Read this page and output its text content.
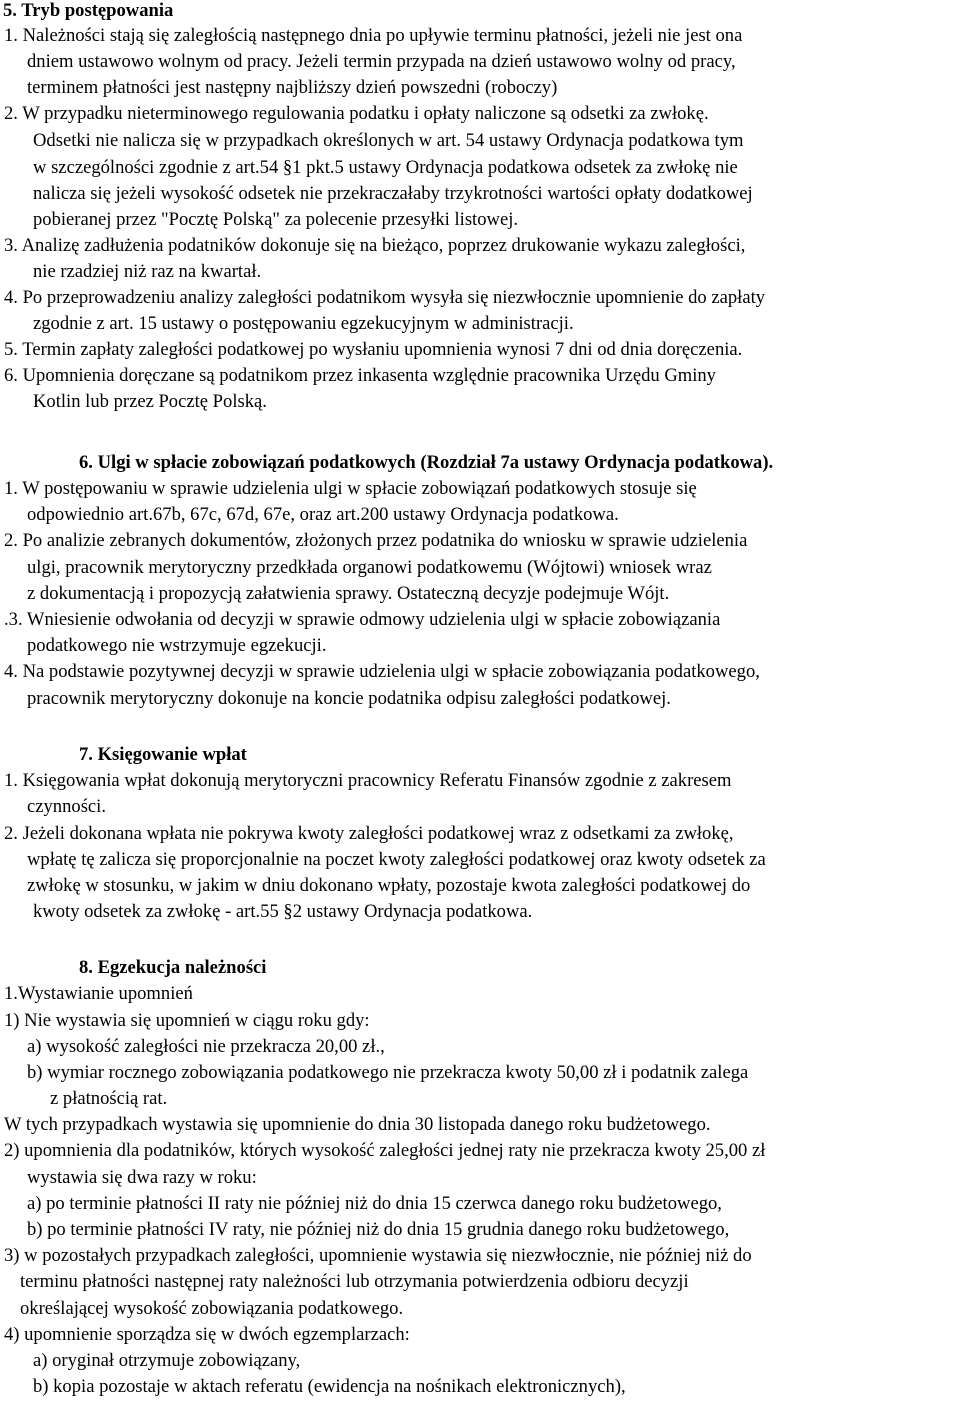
5. Tryb postępowania
1. Należności stają się zaległością następnego dnia po upływie terminu płatności, jeżeli nie jest ona
dniem ustawowo wolnym od pracy. Jeżeli termin przypada na dzień ustawowo wolny od pracy,
terminem płatności jest następny najbliższy dzień powszedni (roboczy)
2. W przypadku nieterminowego regulowania podatku i opłaty naliczone są odsetki za zwłokę.
Odsetki nie nalicza się w przypadkach określonych w art. 54 ustawy Ordynacja podatkowa tym
w szczególności zgodnie z art.54 §1 pkt.5 ustawy Ordynacja podatkowa odsetek za zwłokę nie
nalicza się jeżeli wysokość odsetek nie przekraczałaby trzykrotności wartości opłaty dodatkowej
pobieranej przez "Pocztę Polską" za polecenie przesyłki listowej.
3. Analizę zadłużenia podatników dokonuje się na bieżąco, poprzez drukowanie wykazu zaległości,
nie rzadziej niż raz na kwartał.
4. Po przeprowadzeniu analizy zaległości podatnikom wysyła się niezwłocznie upomnienie do zapłaty
zgodnie z art. 15 ustawy o postępowaniu egzekucyjnym w administracji.
5. Termin zapłaty zaległości podatkowej po wysłaniu upomnienia wynosi 7 dni od dnia doręczenia.
6. Upomnienia doręczane są podatnikom przez inkasenta względnie pracownika Urzędu Gminy
Kotlin lub przez Pocztę Polską.
6. Ulgi w spłacie zobowiązań podatkowych (Rozdział 7a ustawy Ordynacja podatkowa).
1. W postępowaniu w sprawie udzielenia ulgi w spłacie zobowiązań podatkowych stosuje się
odpowiednio art.67b, 67c, 67d, 67e, oraz art.200 ustawy Ordynacja podatkowa.
2. Po analizie zebranych dokumentów, złożonych przez podatnika do wniosku w sprawie udzielenia
ulgi, pracownik merytoryczny przedkłada organowi podatkowemu (Wójtowi) wniosek wraz
z dokumentacją i propozycją załatwienia sprawy. Ostateczną decyzje podejmuje Wójt.
.3. Wniesienie odwołania od decyzji w sprawie odmowy udzielenia ulgi w spłacie zobowiązania
podatkowego nie wstrzymuje egzekucji.
4. Na podstawie pozytywnej decyzji w sprawie udzielenia ulgi w spłacie zobowiązania podatkowego,
pracownik merytoryczny dokonuje na koncie podatnika odpisu zaległości podatkowej.
7. Księgowanie wpłat
1. Księgowania wpłat dokonują merytoryczni pracownicy Referatu Finansów zgodnie z zakresem
czynności.
2. Jeżeli dokonana wpłata nie pokrywa kwoty zaległości podatkowej wraz z odsetkami za zwłokę,
wpłatę tę zalicza się proporcjonalnie na poczet kwoty zaległości podatkowej oraz kwoty odsetek za
zwłokę w stosunku, w jakim w dniu dokonano wpłaty, pozostaje kwota zaległości podatkowej do
kwoty odsetek za zwłokę - art.55 §2 ustawy Ordynacja podatkowa.
8. Egzekucja należności
1.Wystawianie upomnień
1) Nie wystawia się upomnień w ciągu roku gdy:
a) wysokość zaległości nie przekracza 20,00 zł.,
b) wymiar rocznego zobowiązania podatkowego nie przekracza kwoty 50,00 zł i podatnik zalega
z płatnością rat.
W tych przypadkach wystawia się upomnienie do dnia 30 listopada danego roku budżetowego.
2) upomnienia dla podatników, których wysokość zaległości jednej raty nie przekracza kwoty 25,00 zł
wystawia się dwa razy w roku:
a) po terminie płatności II raty nie później niż do dnia 15 czerwca danego roku budżetowego,
b) po terminie płatności IV raty, nie później niż do dnia 15 grudnia danego roku budżetowego,
3) w pozostałych przypadkach zaległości, upomnienie wystawia się niezwłocznie, nie później niż do
terminu płatności następnej raty należności lub otrzymania potwierdzenia odbioru decyzji
określającej wysokość zobowiązania podatkowego.
4) upomnienie sporządza się w dwóch egzemplarzach:
a) oryginał otrzymuje zobowiązany,
b) kopia pozostaje w aktach referatu (ewidencja na nośnikach elektronicznych),
